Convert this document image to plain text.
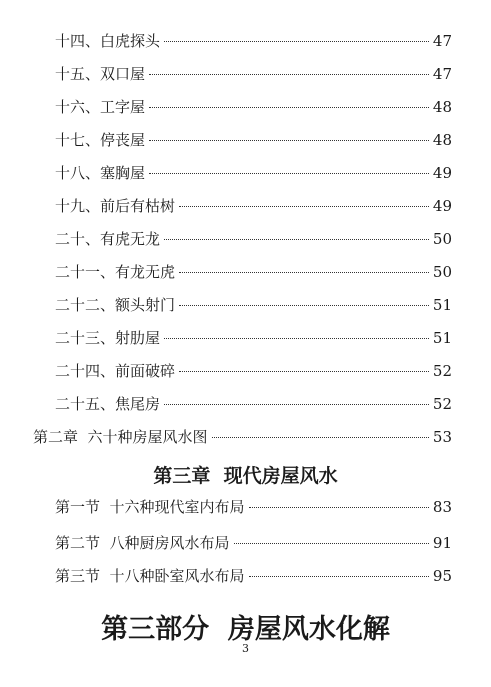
十四、白虎探头	47
十五、双口屋	47
十六、工字屋	48
十七、停丧屋	48
十八、塞胸屋	49
十九、前后有枯树	49
二十、有虎无龙	50
二十一、有龙无虎	50
二十二、额头射门	51
二十三、射肋屋	51
二十四、前面破碎	52
二十五、焦尾房	52
第二章  六十种房屋风水图	53
第三章  现代房屋风水
第一节  十六种现代室内布局	83
第二节  八种厨房风水布局	91
第三节  十八种卧室风水布局	95
第三部分  房屋风水化解
3
